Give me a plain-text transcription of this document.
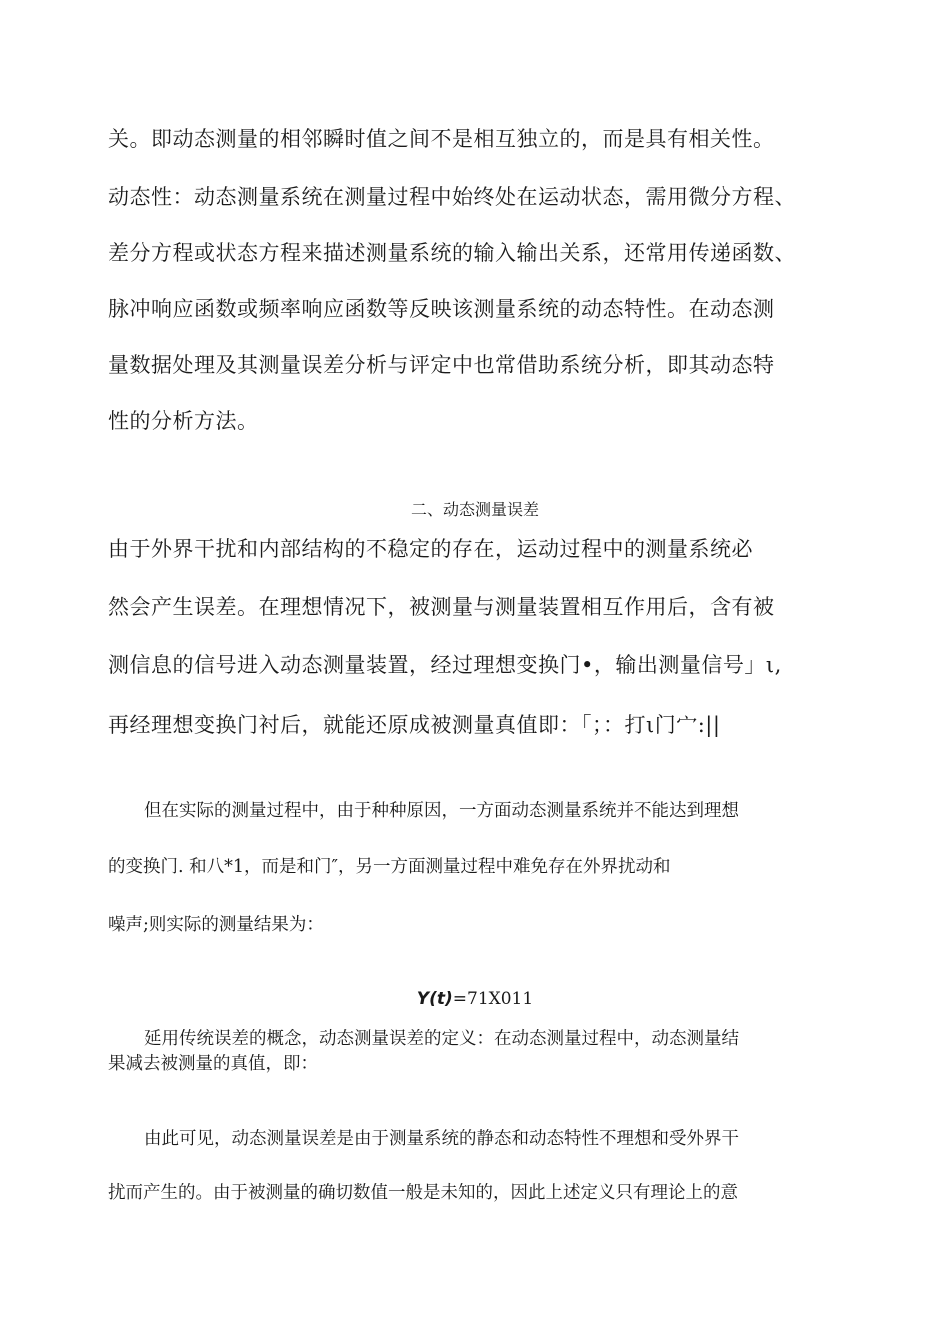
关。即动态测量的相邻瞬时值之间不是相互独立的，而是具有相关性。

动态性：动态测量系统在测量过程中始终处在运动状态，需用微分方程、

差分方程或状态方程来描述测量系统的输入输出关系，还常用传递函数、

脉冲响应函数或频率响应函数等反映该测量系统的动态特性。在动态测

量数据处理及其测量误差分析与评定中也常借助系统分析，即其动态特

性的分析方法。

二、动态测量误差

由于外界干扰和内部结构的不稳定的存在，运动过程中的测量系统必

然会产生误差。在理想情况下，被测量与测量装置相互作用后，含有被

测信息的信号进入动态测量装置，经过理想变换门•，输出测量信号」ι,

再经理想变换门衬后，就能还原成被测量真值即：「；：打ι门宀:||

但在实际的测量过程中，由于种种原因，一方面动态测量系统并不能达到理想

的变换门. 和八*1，而是和门″，另一方面测量过程中难免存在外界扰动和

噪声;则实际的测量结果为：

Y(t)=71X011

延用传统误差的概念，动态测量误差的定义：在动态测量过程中，动态测量结

果减去被测量的真值，即：

由此可见，动态测量误差是由于测量系统的静态和动态特性不理想和受外界干

扰而产生的。由于被测量的确切数值一般是未知的，因此上述定义只有理论上的意
